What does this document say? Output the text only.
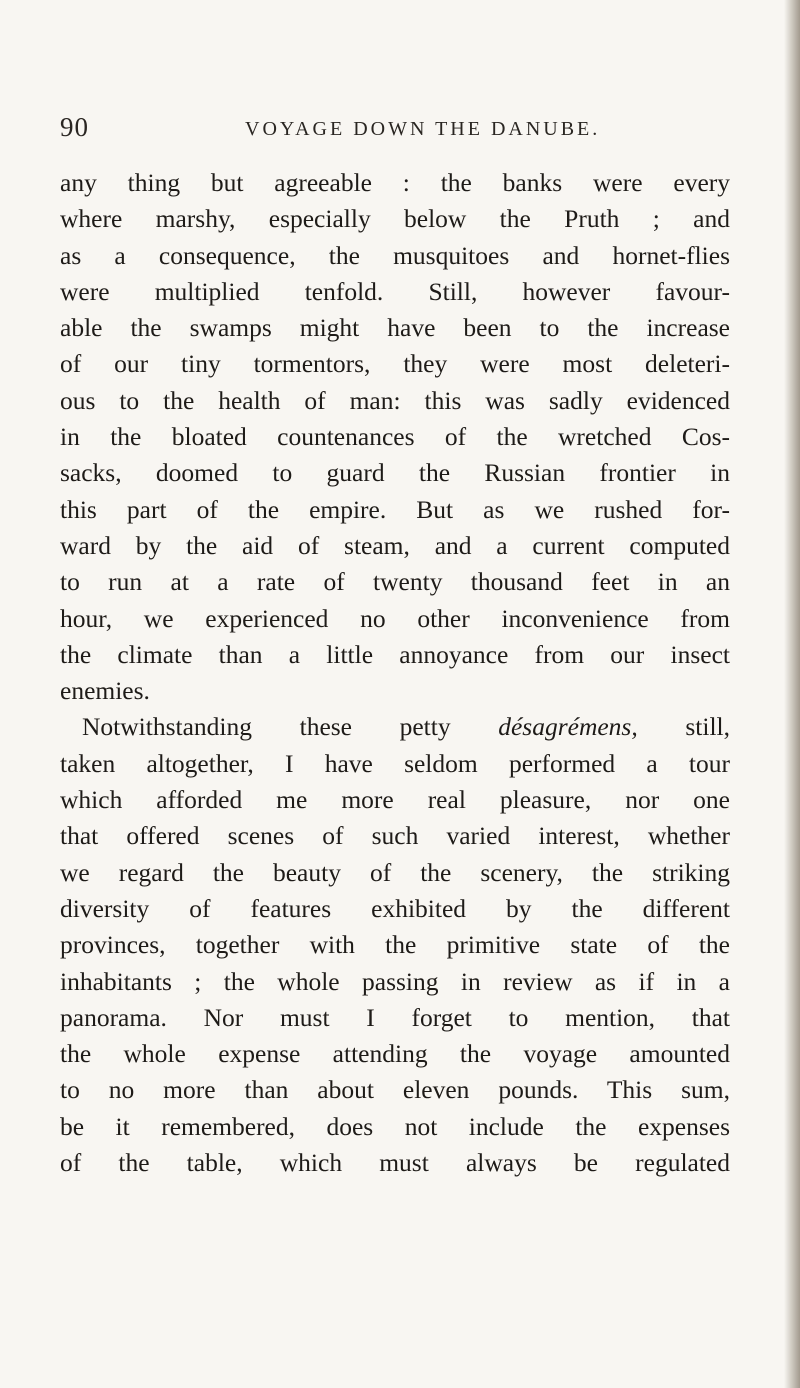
90	VOYAGE DOWN THE DANUBE.
any thing but agreeable : the banks were every
where marshy, especially below the Pruth ; and
as a consequence, the musquitoes and hornet-flies
were multiplied tenfold. Still, however favour-
able the swamps might have been to the increase
of our tiny tormentors, they were most deleteri-
ous to the health of man: this was sadly evidenced
in the bloated countenances of the wretched Cos-
sacks, doomed to guard the Russian frontier in
this part of the empire. But as we rushed for-
ward by the aid of steam, and a current computed
to run at a rate of twenty thousand feet in an
hour, we experienced no other inconvenience from
the climate than a little annoyance from our insect
enemies.
Notwithstanding these petty désagrémens, still,
taken altogether, I have seldom performed a tour
which afforded me more real pleasure, nor one
that offered scenes of such varied interest, whether
we regard the beauty of the scenery, the striking
diversity of features exhibited by the different
provinces, together with the primitive state of the
inhabitants ; the whole passing in review as if in a
panorama. Nor must I forget to mention, that
the whole expense attending the voyage amounted
to no more than about eleven pounds. This sum,
be it remembered, does not include the expenses
of the table, which must always be regulated
